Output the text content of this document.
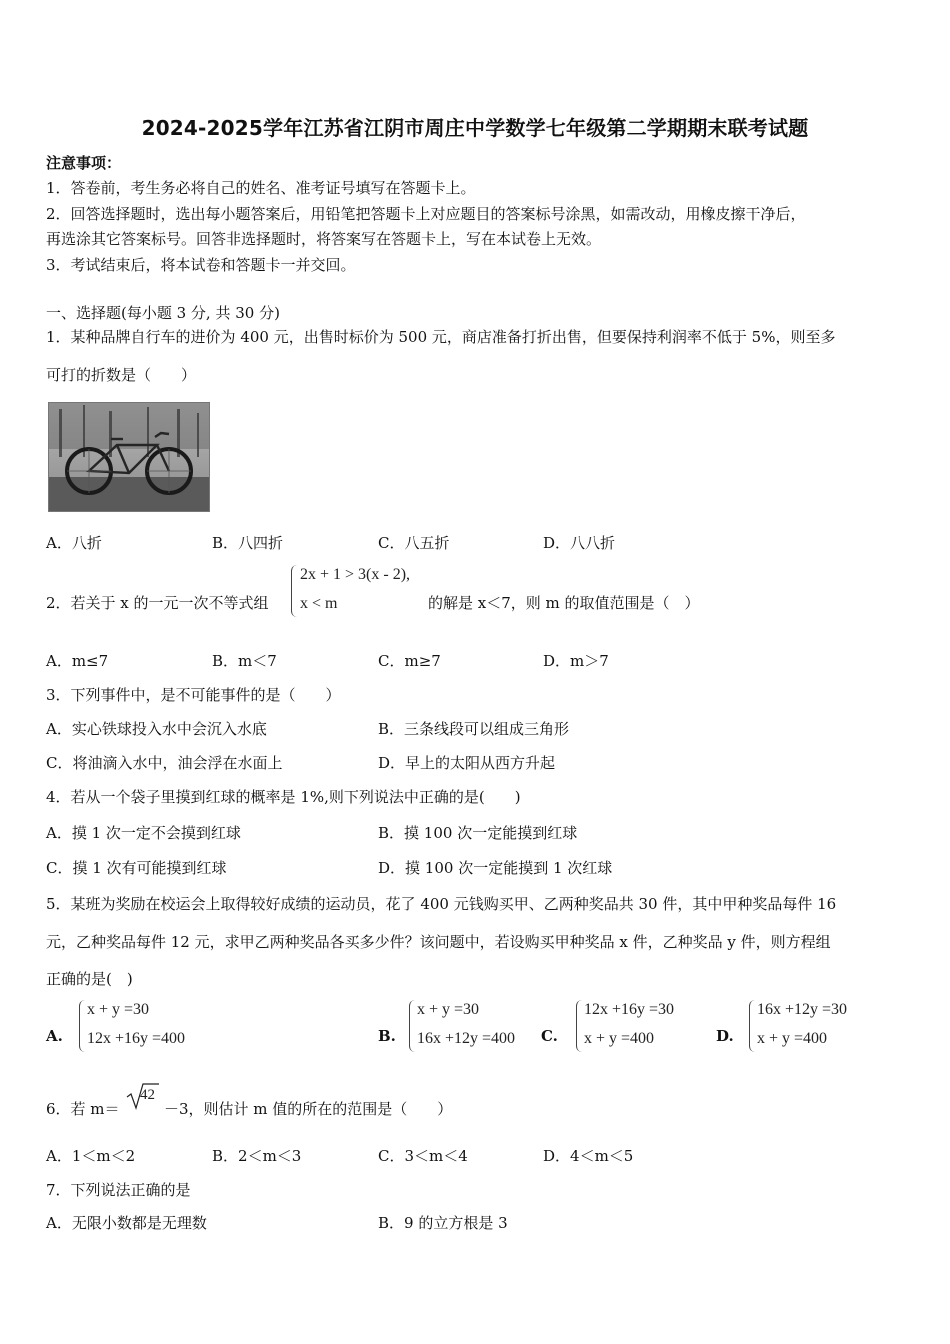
2024-2025学年江苏省江阴市周庄中学数学七年级第二学期期末联考试题
注意事项：
1．答卷前，考生务必将自己的姓名、准考证号填写在答题卡上。
2．回答选择题时，选出每小题答案后，用铅笔把答题卡上对应题目的答案标号涂黑，如需改动，用橡皮擦干净后，
再选涂其它答案标号。回答非选择题时，将答案写在答题卡上，写在本试卷上无效。
3．考试结束后，将本试卷和答题卡一并交回。
一、选择题(每小题 3 分, 共 30 分)
1．某种品牌自行车的进价为 400 元，出售时标价为 500 元，商店准备打折出售，但要保持利润率不低于 5%，则至多
可打的折数是（　　）
A．八折	B．八四折	C．八五折	D．八八折
2．若关于 x 的一元一次不等式组
2x + 1 > 3(x - 2),
x < m	的解是 x＜7，则 m 的取值范围是（　）
A．m≤7	B．m＜7	C．m≥7	D．m＞7
3．下列事件中，是不可能事件的是（　　）
A．实心铁球投入水中会沉入水底	B．三条线段可以组成三角形
C．将油滴入水中，油会浮在水面上	D．早上的太阳从西方升起
4．若从一个袋子里摸到红球的概率是 1%,则下列说法中正确的是(　　)
A．摸 1 次一定不会摸到红球	B．摸 100 次一定能摸到红球
C．摸 1 次有可能摸到红球	D．摸 100 次一定能摸到 1 次红球
5．某班为奖励在校运会上取得较好成绩的运动员，花了 400 元钱购买甲、乙两种奖品共 30 件，其中甲种奖品每件 16
元，乙种奖品每件 12 元，求甲乙两种奖品各买多少件？该问题中，若设购买甲种奖品 x 件，乙种奖品 y 件，则方程组
正确的是(　)
A.
x + y =30
12x +16y =400	B.
x + y =30
16x +12y =400 C.
12x +16y =30
x + y =400	D.
16x +12y =30
x + y =400
6．若 m＝
42
－3，则估计 m 值的所在的范围是（　　）
A．1＜m＜2	B．2＜m＜3	C．3＜m＜4	D．4＜m＜5
7．下列说法正确的是
A．无限小数都是无理数	B．9 的立方根是 3
